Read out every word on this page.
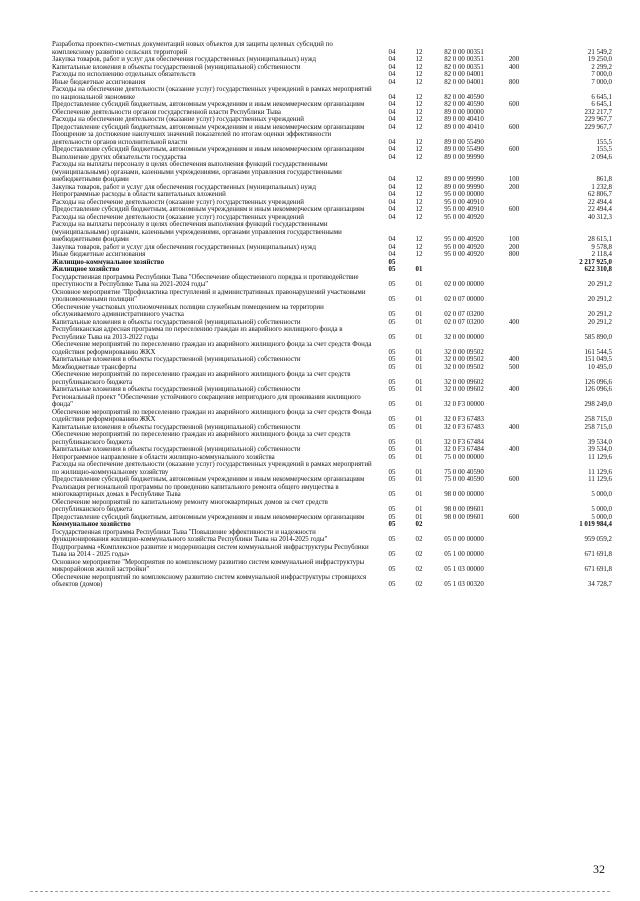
Разработка проектно-сметных документаций новых объектов для защиты целевых субсидий по комплексному развитию сельских территорий	04	12	82 0 00 00351	21 549,2
Закупка товаров, работ и услуг для обеспечения государственных (муниципальных) нужд	04	12	82 0 00 00351	200	19 250,0
Капитальные вложения в объекты государственной (муниципальной) собственности	04	12	82 0 00 00351	400	2 299,2
Расходы по исполнению отдельных обязательств	04	12	82 0 00 04001	7 000,0
Иные бюджетные ассигнования	04	12	82 0 00 04001	800	7 000,0
Расходы на обеспечение деятельности (оказание услуг) государственных учреждений в рамках мероприятий по национальной экономике	04	12	82 0 00 40590	6 645,1
Предоставление субсидий бюджетным, автономным учреждениям и иным некоммерческим организациям	04	12	82 0 00 40590	600	6 645,1
Обеспечение деятельности органов государственной власти Республики Тыва	04	12	89 0 00 00000	232 217,7
Расходы на обеспечение деятельности (оказание услуг) государственных учреждений	04	12	89 0 00 40410	229 967,7
Предоставление субсидий бюджетным, автономным учреждениям и иным некоммерческим организациям	04	12	89 0 00 40410	600	229 967,7
Поощрение за достижение наилучших значений показателей по итогам оценки эффективности деятельности органов исполнительной власти	04	12	89 0 00 55490	155,5
Предоставление субсидий бюджетным, автономным учреждениям и иным некоммерческим организациям	04	12	89 0 00 55490	600	155,5
Выполнение других обязательств государства	04	12	89 0 00 99990	2 094,6
Расходы на выплаты персоналу в целях обеспечения выполнения функций государственными (муниципальными) органами, казенными учреждениями, органами управления государственными внебюджетными фондами	04	12	89 0 00 99990	100	861,8
Закупка товаров, работ и услуг для обеспечения государственных (муниципальных) нужд	04	12	89 0 00 99990	200	1 232,8
Непрограммные расходы в области капитальных вложений	04	12	95 0 00 00000	62 806,7
Расходы на обеспечение деятельности (оказание услуг) государственных учреждений	04	12	95 0 00 40910	22 494,4
Предоставление субсидий бюджетным, автономным учреждениям и иным некоммерческим организациям	04	12	95 0 00 40910	600	22 494,4
Расходы на обеспечение деятельности (оказание услуг) государственных учреждений	04	12	95 0 00 40920	40 312,3
Расходы на выплаты персоналу в целях обеспечения выполнения функций государственными (муниципальными) органами, казенными учреждениями, органами управления государственными внебюджетными фондами	04	12	95 0 00 40920	100	28 615,1
Закупка товаров, работ и услуг для обеспечения государственных (муниципальных) нужд	04	12	95 0 00 40920	200	9 578,8
Иные бюджетные ассигнования	04	12	95 0 00 40920	800	2 118,4
Жилищно-коммунальное хозяйство	05	2 217 925,0
Жилищное хозяйство	05	01	622 310,8
Государственная программа Республики Тыва "Обеспечение общественного порядка и противодействие преступности в Республике Тыва на 2021-2024 годы"	05	01	02 0 00 00000	20 291,2
Основное мероприятие "Профилактика преступлений и административных правонарушений участковыми уполномоченными полиции"	05	01	02 0 07 00000	20 291,2
Обеспечение участковых уполномоченных полиции служебным помещением на территории обслуживаемого административного участка	05	01	02 0 07 03200	20 291,2
Капитальные вложения в объекты государственной (муниципальной) собственности	05	01	02 0 07 03200	400	20 291,2
Республиканская адресная программа по переселению граждан из аварийного жилищного фонда в Республике Тыва на 2013-2022 годы	05	01	32 0 00 00000	585 890,0
Обеспечение мероприятий по переселению граждан из аварийного жилищного фонда за счет средств Фонда содействия реформированию ЖКХ	05	01	32 0 00 09502	161 544,5
Капитальные вложения в объекты государственной (муниципальной) собственности	05	01	32 0 00 09502	400	151 049,5
Межбюджетные трансферты	05	01	32 0 00 09502	500	10 495,0
Обеспечение мероприятий по переселению граждан из аварийного жилищного фонда за счет средств республиканского бюджета	05	01	32 0 00 09602	126 096,6
Капитальные вложения в объекты государственной (муниципальной) собственности	05	01	32 0 00 09602	400	126 096,6
Региональный проект "Обеспечение устойчивого сокращения непригодного для проживания жилищного фонда"	05	01	32 0 F3 00000	298 249,0
Обеспечение мероприятий по переселению граждан из аварийного жилищного фонда за счет средств Фонда содействия реформированию ЖКХ	05	01	32 0 F3 67483	258 715,0
Капитальные вложения в объекты государственной (муниципальной) собственности	05	01	32 0 F3 67483	400	258 715,0
Обеспечение мероприятий по переселению граждан из аварийного жилищного фонда за счет средств республиканского бюджета	05	01	32 0 F3 67484	39 534,0
Капитальные вложения в объекты государственной (муниципальной) собственности	05	01	32 0 F3 67484	400	39 534,0
Непрограммное направление в области жилищно-коммунального хозяйства	05	01	75 0 00 00000	11 129,6
Расходы на обеспечение деятельности (оказание услуг) государственных учреждений в рамках мероприятий по жилищно-коммунальному хозяйству	05	01	75 0 00 40590	11 129,6
Предоставление субсидий бюджетным, автономным учреждениям и иным некоммерческим организациям	05	01	75 0 00 40590	600	11 129,6
Реализация региональной программы по проведению капитального ремонта общего имущества в многоквартирных домах в Республике Тыва	05	01	98 0 00 00000	5 000,0
Обеспечение мероприятий по капитальному ремонту многоквартирных домов за счет средств республиканского бюджета	05	01	98 0 00 09601	5 000,0
Предоставление субсидий бюджетным, автономным учреждениям и иным некоммерческим организациям	05	01	98 0 00 09601	600	5 000,0
Коммунальное хозяйство	05	02	1 019 984,4
Государственная программа Республики Тыва "Повышение эффективности и надежности функционирования жилищно-коммунального хозяйства Республики Тыва на 2014-2025 годы"	05	02	05 0 00 00000	959 059,2
Подпрограмма «Комплексное развитие и модернизация систем коммунальной инфраструктуры Республики Тыва на 2014 - 2025 годы»	05	02	05 1 00 00000	671 691,8
Основное мероприятие "Мероприятия по комплексному развитию систем коммунальной инфраструктуры микрорайонов жилой застройки"	05	02	05 1 03 00000	671 691,8
Обеспечение мероприятий по комплексному развитию систем коммунальной инфраструктуры строящихся объектов (домов)	05	02	05 1 03 00320	34 728,7
32
